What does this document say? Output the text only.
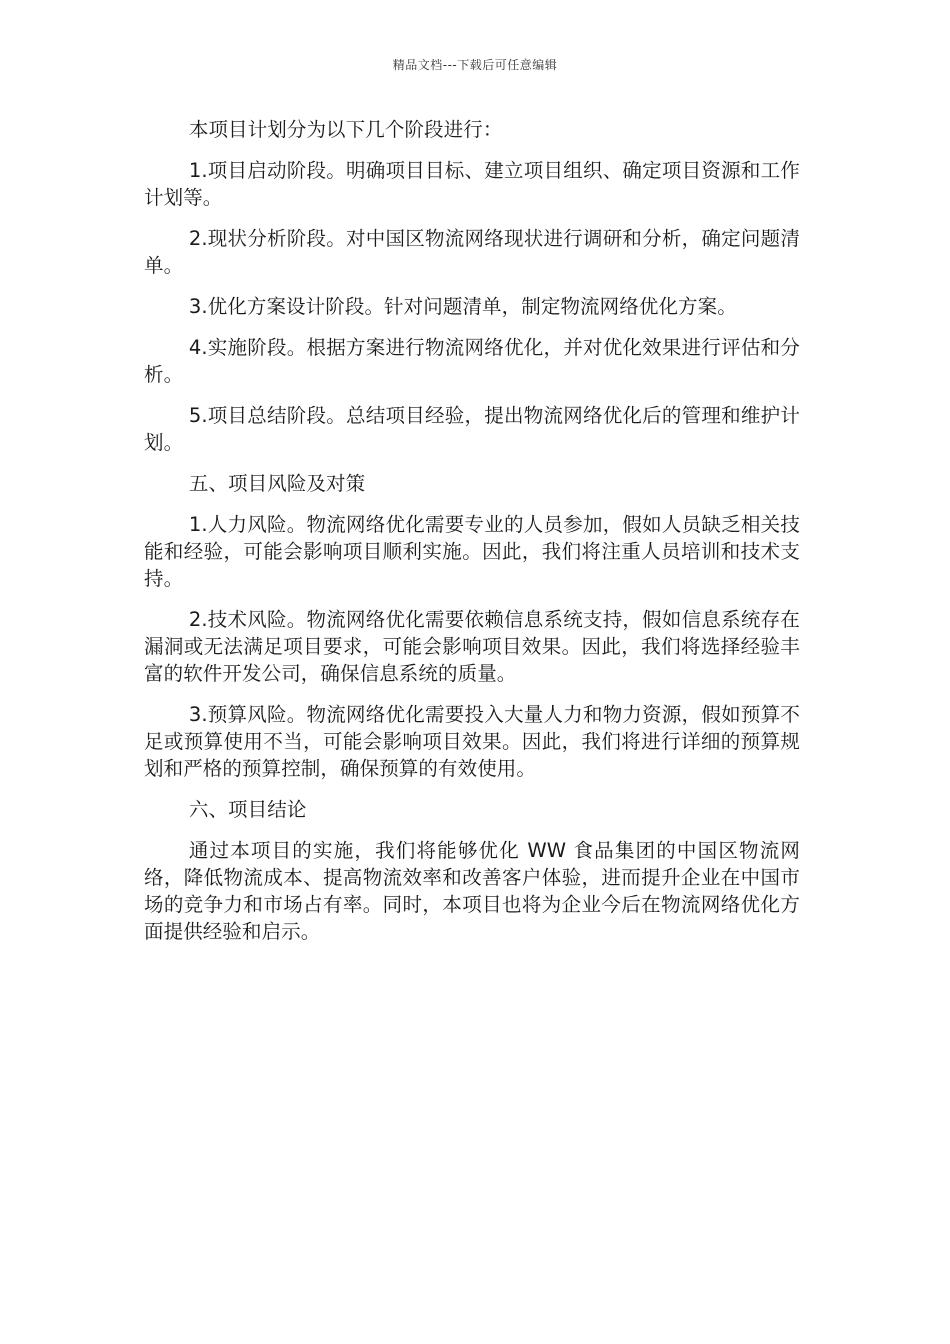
精品文档---下载后可任意编辑

本项目计划分为以下几个阶段进行：

1.项目启动阶段。明确项目目标、建立项目组织、确定项目资源和工作计划等。

2.现状分析阶段。对中国区物流网络现状进行调研和分析，确定问题清单。

3.优化方案设计阶段。针对问题清单，制定物流网络优化方案。

4.实施阶段。根据方案进行物流网络优化，并对优化效果进行评估和分析。

5.项目总结阶段。总结项目经验，提出物流网络优化后的管理和维护计划。

五、项目风险及对策

1.人力风险。物流网络优化需要专业的人员参加，假如人员缺乏相关技能和经验，可能会影响项目顺利实施。因此，我们将注重人员培训和技术支持。

2.技术风险。物流网络优化需要依赖信息系统支持，假如信息系统存在漏洞或无法满足项目要求，可能会影响项目效果。因此，我们将选择经验丰富的软件开发公司，确保信息系统的质量。

3.预算风险。物流网络优化需要投入大量人力和物力资源，假如预算不足或预算使用不当，可能会影响项目效果。因此，我们将进行详细的预算规划和严格的预算控制，确保预算的有效使用。

六、项目结论

通过本项目的实施，我们将能够优化 WW 食品集团的中国区物流网络，降低物流成本、提高物流效率和改善客户体验，进而提升企业在中国市场的竞争力和市场占有率。同时，本项目也将为企业今后在物流网络优化方面提供经验和启示。
